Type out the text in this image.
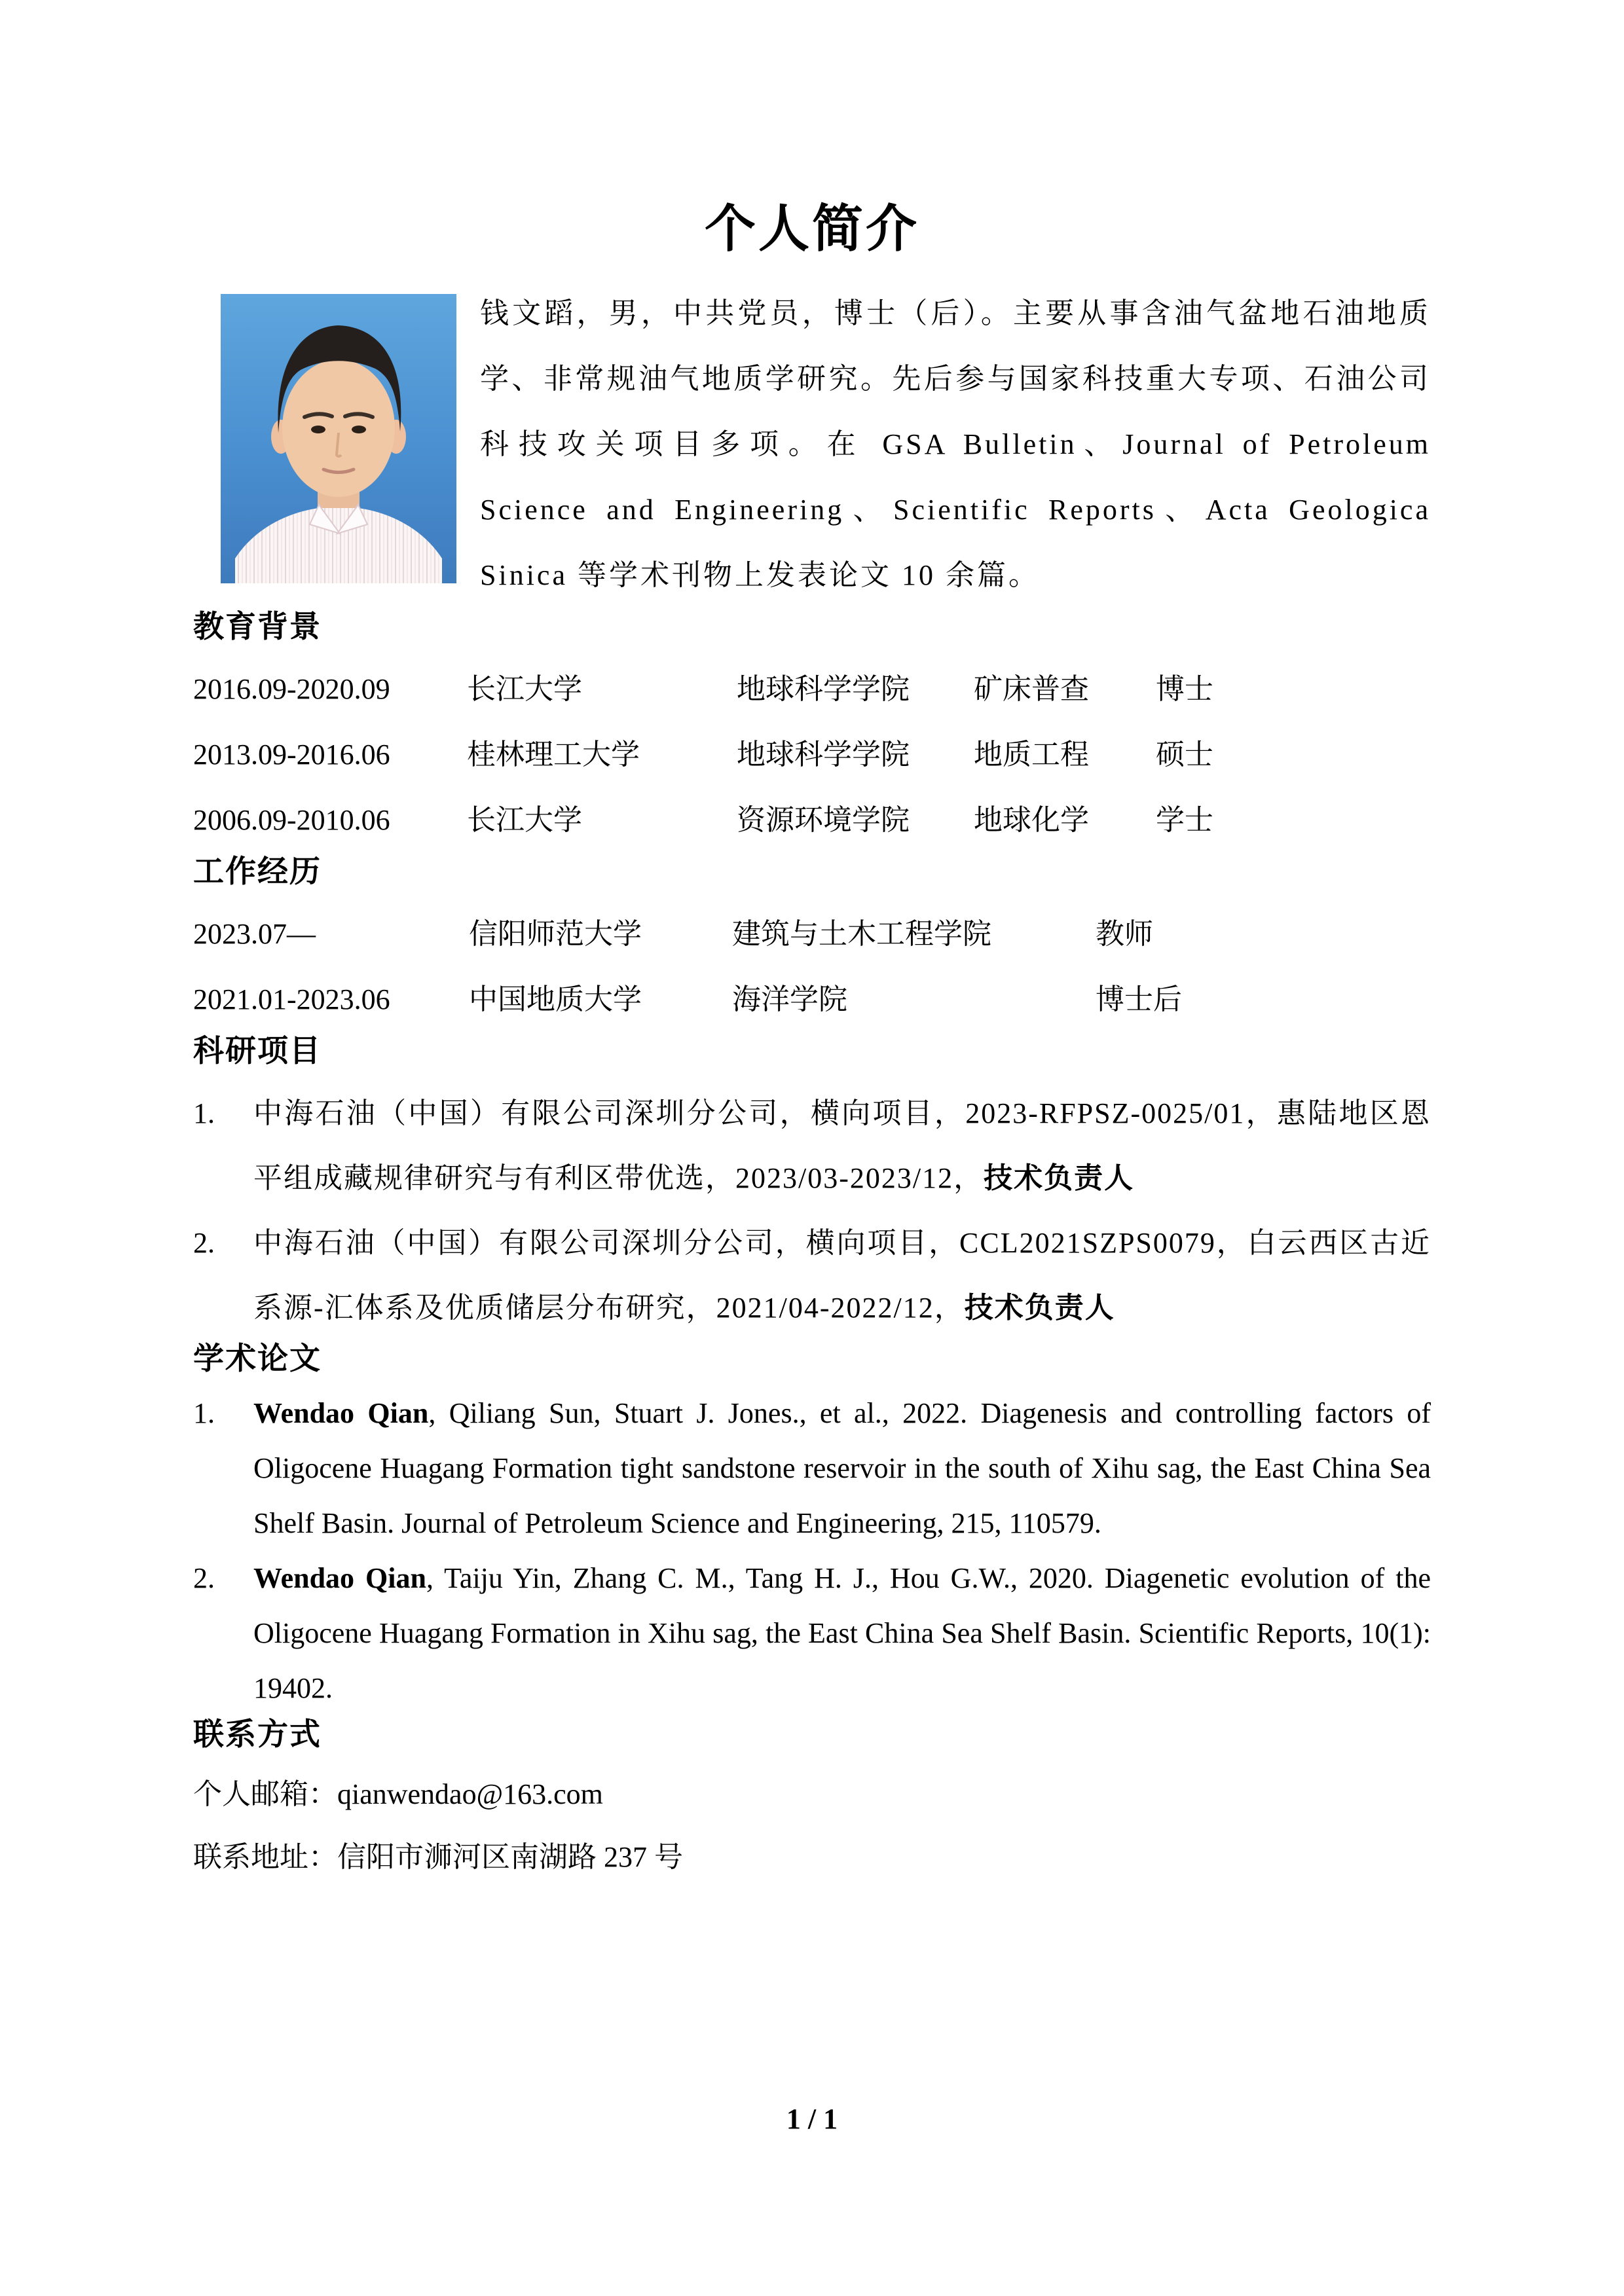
个人简介

钱文蹈，男，中共党员，博士（后）。主要从事含油气盆地石油地质学、非常规油气地质学研究。先后参与国家科技重大专项、石油公司科技攻关项目多项。在 GSA Bulletin、Journal of Petroleum Science and Engineering、Scientific Reports、Acta Geologica Sinica 等学术刊物上发表论文 10 余篇。

教育背景
2016.09-2020.09	长江大学	地球科学学院	矿床普查	博士
2013.09-2016.06	桂林理工大学	地球科学学院	地质工程	硕士
2006.09-2010.06	长江大学	资源环境学院	地球化学	学士
工作经历
2023.07—	信阳师范大学	建筑与土木工程学院	教师
2021.01-2023.06	中国地质大学	海洋学院	博士后
科研项目
1. 中海石油（中国）有限公司深圳分公司，横向项目，2023-RFPSZ-0025/01，惠陆地区恩平组成藏规律研究与有利区带优选，2023/03-2023/12，技术负责人
2. 中海石油（中国）有限公司深圳分公司，横向项目，CCL2021SZPS0079，白云西区古近系源-汇体系及优质储层分布研究，2021/04-2022/12，技术负责人
学术论文
1. Wendao Qian, Qiliang Sun, Stuart J. Jones., et al., 2022. Diagenesis and controlling factors of Oligocene Huagang Formation tight sandstone reservoir in the south of Xihu sag, the East China Sea Shelf Basin. Journal of Petroleum Science and Engineering, 215, 110579.
2. Wendao Qian, Taiju Yin, Zhang C. M., Tang H. J., Hou G.W., 2020. Diagenetic evolution of the Oligocene Huagang Formation in Xihu sag, the East China Sea Shelf Basin. Scientific Reports, 10(1): 19402.
联系方式

个人邮箱：qianwendao@163.com

联系地址：信阳市浉河区南湖路 237 号

1 / 1
